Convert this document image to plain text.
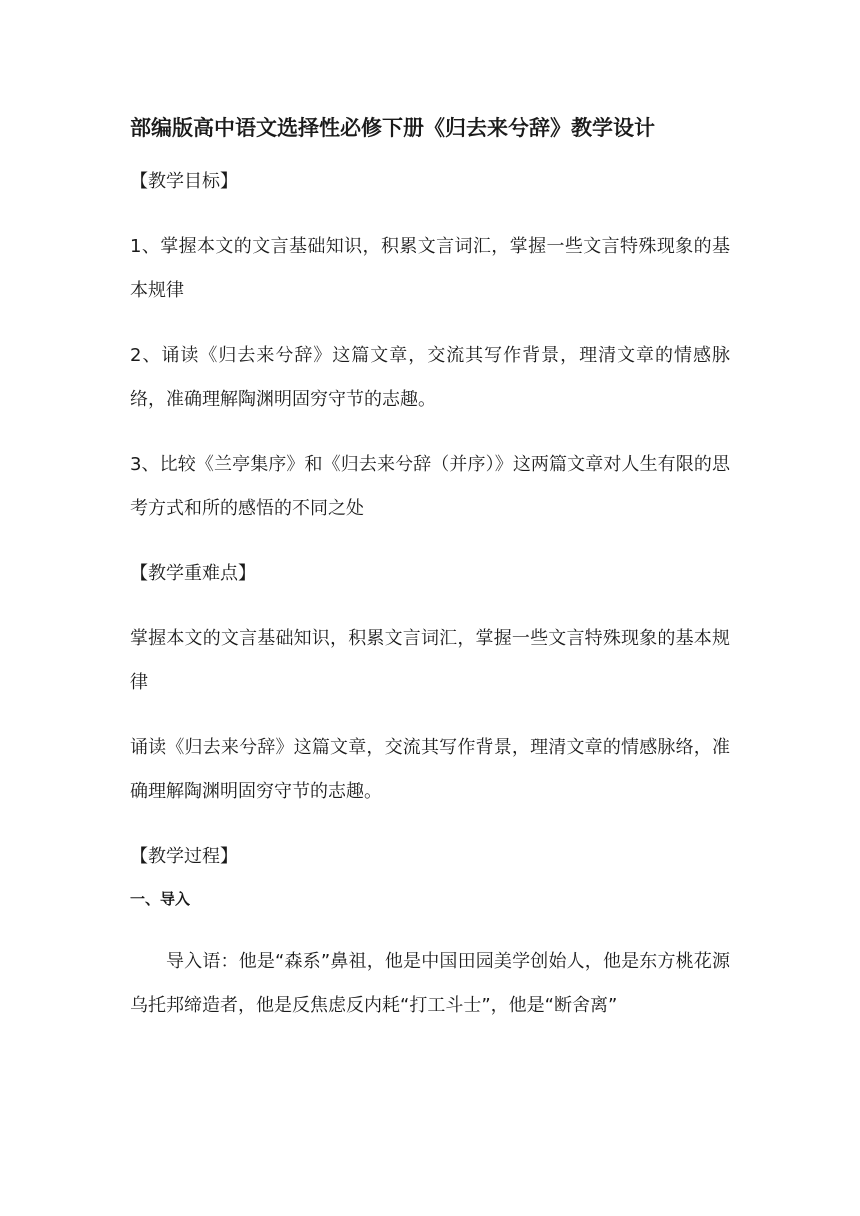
部编版高中语文选择性必修下册《归去来兮辞》教学设计

【教学目标】

1、掌握本文的文言基础知识，积累文言词汇，掌握一些文言特殊现象的基本规律

2、诵读《归去来兮辞》这篇文章，交流其写作背景，理清文章的情感脉络，准确理解陶渊明固穷守节的志趣。

3、比较《兰亭集序》和《归去来兮辞（并序）》这两篇文章对人生有限的思考方式和所的感悟的不同之处

【教学重难点】

掌握本文的文言基础知识，积累文言词汇，掌握一些文言特殊现象的基本规律

诵读《归去来兮辞》这篇文章，交流其写作背景，理清文章的情感脉络，准确理解陶渊明固穷守节的志趣。

【教学过程】

一、导入

导入语：他是“森系”鼻祖，他是中国田园美学创始人，他是东方桃花源乌托邦缔造者，他是反焦虑反内耗“打工斗士”，他是“断舍离”
